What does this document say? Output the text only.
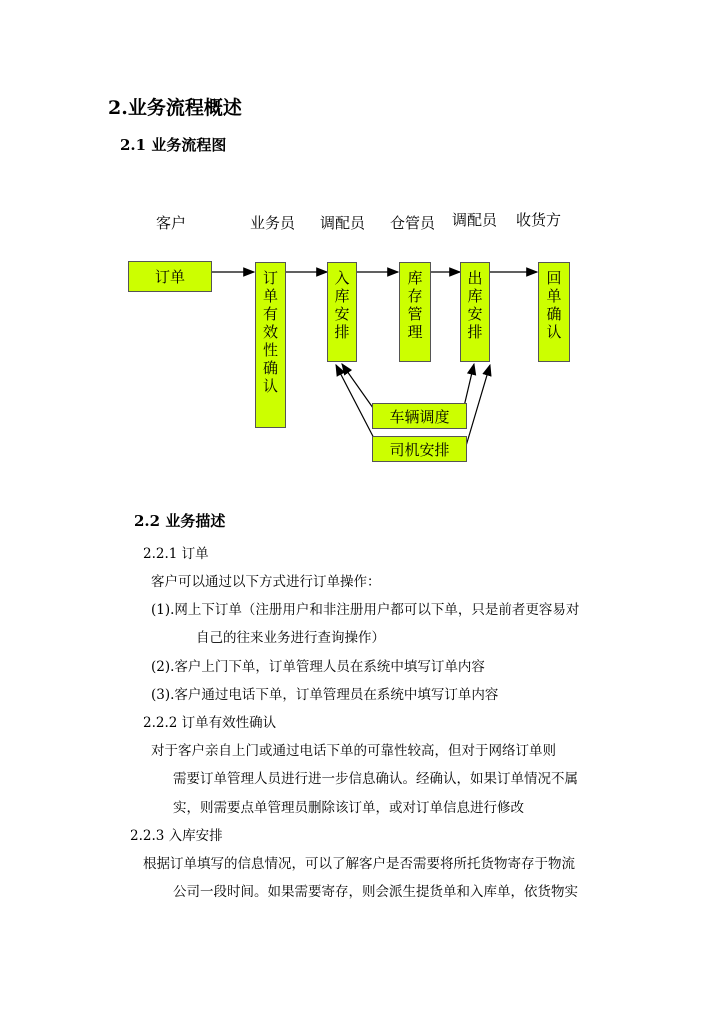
2.业务流程概述
2.1 业务流程图
客户	业务员 调配员 仓管员 调配员 收货方
订单	订
单
有
效
性
确
认
入
库
安
排
库
存
管
理
出
库
安
排
回
单
确
认
车辆调度
司机安排
2.2 业务描述
2.2.1 订单
客户可以通过以下方式进行订单操作：
(1).网上下订单（注册用户和非注册用户都可以下单，只是前者更容易对
自己的往来业务进行查询操作）
(2).客户上门下单，订单管理人员在系统中填写订单内容
(3).客户通过电话下单，订单管理员在系统中填写订单内容
2.2.2 订单有效性确认
对于客户亲自上门或通过电话下单的可靠性较高，但对于网络订单则
需要订单管理人员进行进一步信息确认。经确认，如果订单情况不属
实，则需要点单管理员删除该订单，或对订单信息进行修改
2.2.3 入库安排
根据订单填写的信息情况，可以了解客户是否需要将所托货物寄存于物流
公司一段时间。如果需要寄存，则会派生提货单和入库单，依货物实
